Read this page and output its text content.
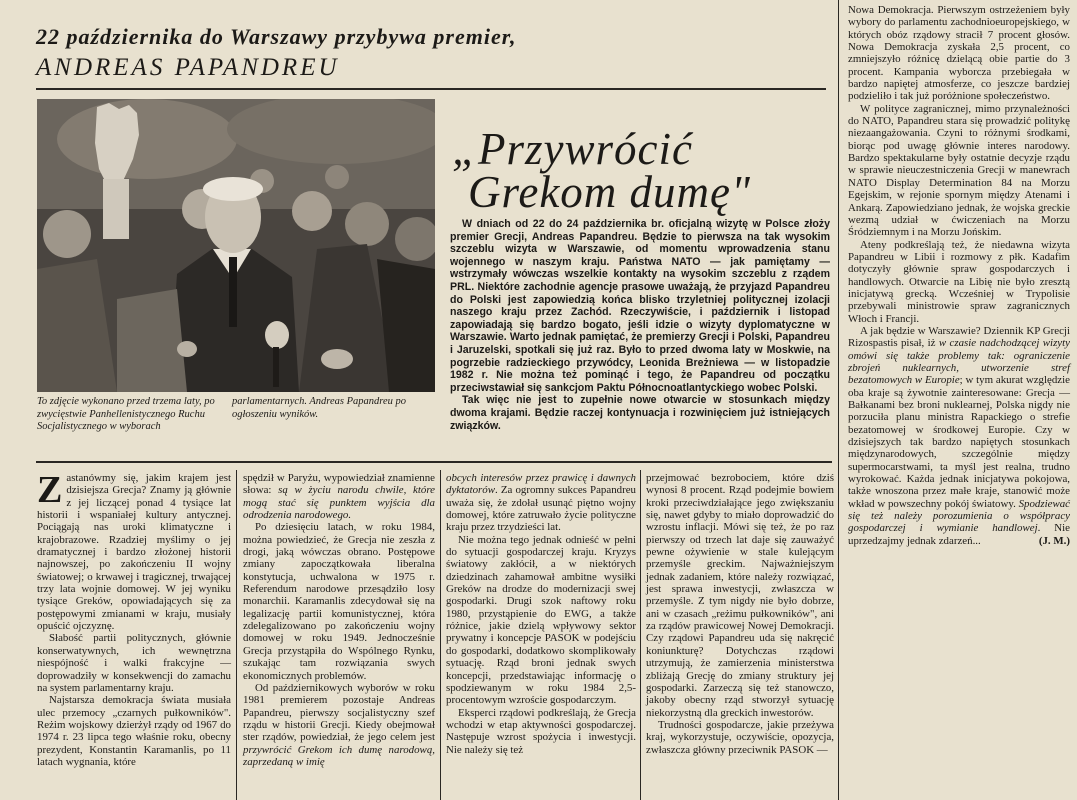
22 października do Warszawy przybywa premier,
ANDREAS PAPANDREU

To zdjęcie wykonano przed trzema laty, po zwycięstwie Panhellenistycznego Ruchu Socjalistycznego w wyborach

parlamentarnych. Andreas Papandreu po ogłoszeniu wyników.

„Przywrócić
Grekom dumę"

W dniach od 22 do 24 października br. oficjalną wizytę w Polsce złoży premier Grecji, Andreas Papandreu. Będzie to pierwsza na tak wysokim szczeblu wizyta w Warszawie, od momentu wprowadzenia stanu wojennego w naszym kraju. Państwa NATO — jak pamiętamy — wstrzymały wówczas wszelkie kontakty na wysokim szczeblu z rządem PRL. Niektóre zachodnie agencje prasowe uważają, że przyjazd Papandreu do Polski jest zapowiedzią końca blisko trzyletniej politycznej izolacji naszego kraju przez Zachód. Rzeczywiście, i październik i listopad zapowiadają się bardzo bogato, jeśli idzie o wizyty dyplomatyczne w Warszawie. Warto jednak pamiętać, że premierzy Grecji i Polski, Papandreu i Jaruzelski, spotkali się już raz. Było to przed dwoma laty w Moskwie, na pogrzebie radzieckiego przywódcy, Leonida Breżniewa — w listopadzie 1982 r. Nie można też pominąć i tego, że Papandreu od początku przeciwstawiał się sankcjom Paktu Północnoatlantyckiego wobec Polski.

Tak więc nie jest to zupełnie nowe otwarcie w stosunkach między dwoma krajami. Będzie raczej kontynuacja i rozwinięciem już istniejących związków.

Nowa Demokracja. Pierwszym ostrzeżeniem były wybory do parlamentu zachodnioeuropejskiego, w których obóz rządowy stracił 7 procent głosów. Nowa Demokracja zyskała 2,5 procent, co zmniejszyło różnicę dzielącą obie partie do 3 procent. Kampania wyborcza przebiegała w bardzo napiętej atmosferze, co jeszcze bardziej podzieliło i tak już poróżnione społeczeństwo.

W polityce zagranicznej, mimo przynależności do NATO, Papandreu stara się prowadzić politykę niezaangażowania. Czyni to różnymi środkami, biorąc pod uwagę głównie interes narodowy. Bardzo spektakularne były ostatnie decyzje rządu w sprawie nieuczestniczenia Grecji w manewrach NATO Display Determination 84 na Morzu Egejskim, w rejonie spornym między Atenami i Ankarą. Zapowiedziano jednak, że wojska greckie wezmą udział w ćwiczeniach na Morzu Śródziemnym i na Morzu Jońskim.

Ateny podkreślają też, że niedawna wizyta Papandreu w Libii i rozmowy z płk. Kadafim dotyczyły głównie spraw gospodarczych i handlowych. Otwarcie na Libię nie było zresztą inicjatywą grecką. Wcześniej w Trypolisie przebywali ministrowie spraw zagranicznych Włoch i Francji.

A jak będzie w Warszawie? Dziennik KP Grecji Rizospastis pisał, iż w czasie nadchodzącej wizyty omówi się także problemy tak: ograniczenie zbrojeń nuklearnych, utworzenie stref bezatomowych w Europie; w tym akurat względzie oba kraje są żywotnie zainteresowane: Grecja — Bałkanami bez broni nuklearnej, Polska nigdy nie porzuciła planu ministra Rapackiego o strefie bezatomowej w środkowej Europie. Czy w dzisiejszych tak bardzo napiętych stosunkach międzynarodowych, szczególnie między supermocarstwami, ta myśl jest realna, trudno wyrokować. Każda jednak inicjatywa pokojowa, także wnoszona przez małe kraje, stanowić może wkład w powszechny pokój światowy. Spodziewać się też należy porozumienia o współpracy gospodarczej i wymianie handlowej. Nie uprzedzajmy jednak zdarzeń...	(J. M.)

Zastanówmy się, jakim krajem jest dzisiejsza Grecja? Znamy ją głównie z jej liczącej ponad 4 tysiące lat historii i wspaniałej kultury antycznej. Pociągają nas uroki klimatyczne i krajobrazowe. Rzadziej myślimy o jej dramatycznej i bardzo złożonej historii najnowszej, po zakończeniu II wojny światowej; o krwawej i tragicznej, trwającej trzy lata wojnie domowej. W jej wyniku tysiące Greków, opowiadających się za postępowymi zmianami w kraju, musiały opuścić ojczyznę.

Słabość partii politycznych, głównie konserwatywnych, ich wewnętrzna niespójność i walki frakcyjne — doprowadziły w konsekwencji do zamachu na system parlamentarny kraju.

Najstarsza demokracja świata musiała ulec przemocy „czarnych pułkowników". Reżim wojskowy dzierżył rządy od 1967 do 1974 r. 23 lipca tego właśnie roku, obecny prezydent, Konstantin Karamanlis, po 11 latach wygnania, które

spędził w Paryżu, wypowiedział znamienne słowa: są w życiu narodu chwile, które mogą stać się punktem wyjścia dla odrodzenia narodowego.

Po dziesięciu latach, w roku 1984, można powiedzieć, że Grecja nie zeszła z drogi, jaką wówczas obrano. Postępowe zmiany zapoczątkowała liberalna konstytucja, uchwalona w 1975 r. Referendum narodowe przesądziło losy monarchii. Karamanlis zdecydował się na legalizację partii komunistycznej, która zdelegalizowano po zakończeniu wojny domowej w roku 1949. Jednocześnie Grecja przystąpiła do Wspólnego Rynku, szukając tam rozwiązania swych ekonomicznych problemów.

Od październikowych wyborów w roku 1981 premierem pozostaje Andreas Papandreu, pierwszy socjalistyczny szef rządu w historii Grecji. Kiedy obejmował ster rządów, powiedział, że jego celem jest przywrócić Grekom ich dumę narodową, zaprzedaną w imię

obcych interesów przez prawicę i dawnych dyktatorów. Za ogromny sukces Papandreu uważa się, że zdołał usunąć piętno wojny domowej, które zatruwało życie polityczne kraju przez trzydzieści lat.

Nie można tego jednak odnieść w pełni do sytuacji gospodarczej kraju. Kryzys światowy zakłócił, a w niektórych dziedzinach zahamował ambitne wysiłki Greków na drodze do modernizacji swej gospodarki. Drugi szok naftowy roku 1980, przystąpienie do EWG, a także różnice, jakie dzielą wpływowy sektor prywatny i koncepcje PASOK w podejściu do gospodarki, dodatkowo skomplikowały sytuację. Rząd broni jednak swych koncepcji, przedstawiając informację o spodziewanym w roku 1984 2,5-procentowym wzroście gospodarczym.

Eksperci rządowi podkreślają, że Grecja wchodzi w etap aktywności gospodarczej. Następuje wzrost spożycia i inwestycji. Nie należy się też

przejmować bezrobociem, które dziś wynosi 8 procent. Rząd podejmie bowiem kroki przeciwdziałające jego zwiększaniu się, nawet gdyby to miało doprowadzić do wzrostu inflacji. Mówi się też, że po raz pierwszy od trzech lat daje się zauważyć pewne ożywienie w stale kulejącym przemyśle greckim. Najważniejszym jednak zadaniem, które należy rozwiązać, jest sprawa inwestycji, zwłaszcza w przemyśle. Z tym nigdy nie było dobrze, ani w czasach „reżimu pułkowników", ani za rządów prawicowej Nowej Demokracji. Czy rządowi Papandreu uda się nakręcić koniunkturę? Dotychczas rządowi utrzymują, że zamierzenia ministerstwa zbliżają Grecję do zmiany struktury jej gospodarki. Zarzeczą się też stanowczo, jakoby obecny rząd stworzył sytuację niekorzystną dla greckich inwestorów.

Trudności gospodarcze, jakie przeżywa kraj, wykorzystuje, oczywiście, opozycja, zwłaszcza główny przeciwnik PASOK —
